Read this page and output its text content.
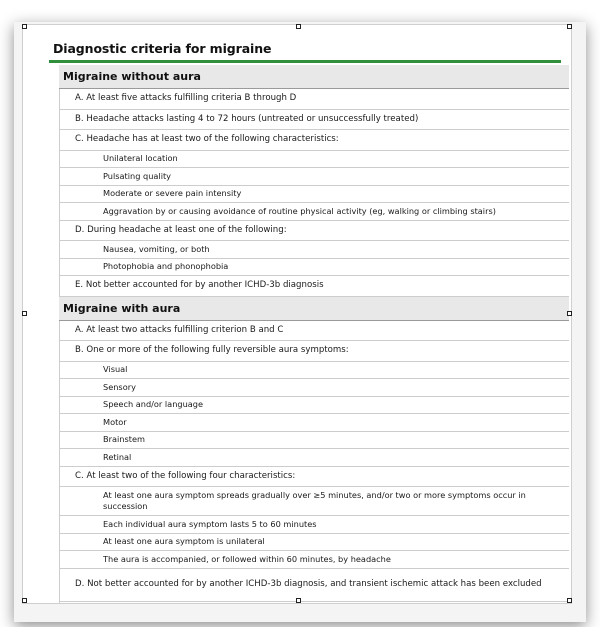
Diagnostic criteria for migraine
Migraine without aura
A. At least five attacks fulfilling criteria B through D
B. Headache attacks lasting 4 to 72 hours (untreated or unsuccessfully treated)
C. Headache has at least two of the following characteristics:
Unilateral location
Pulsating quality
Moderate or severe pain intensity
Aggravation by or causing avoidance of routine physical activity (eg, walking or climbing stairs)
D. During headache at least one of the following:
Nausea, vomiting, or both
Photophobia and phonophobia
E. Not better accounted for by another ICHD-3b diagnosis
Migraine with aura
A. At least two attacks fulfilling criterion B and C
B. One or more of the following fully reversible aura symptoms:
Visual
Sensory
Speech and/or language
Motor
Brainstem
Retinal
C. At least two of the following four characteristics:
At least one aura symptom spreads gradually over ≥5 minutes, and/or two or more symptoms occur in succession
Each individual aura symptom lasts 5 to 60 minutes
At least one aura symptom is unilateral
The aura is accompanied, or followed within 60 minutes, by headache
D. Not better accounted for by another ICHD-3b diagnosis, and transient ischemic attack has been excluded
